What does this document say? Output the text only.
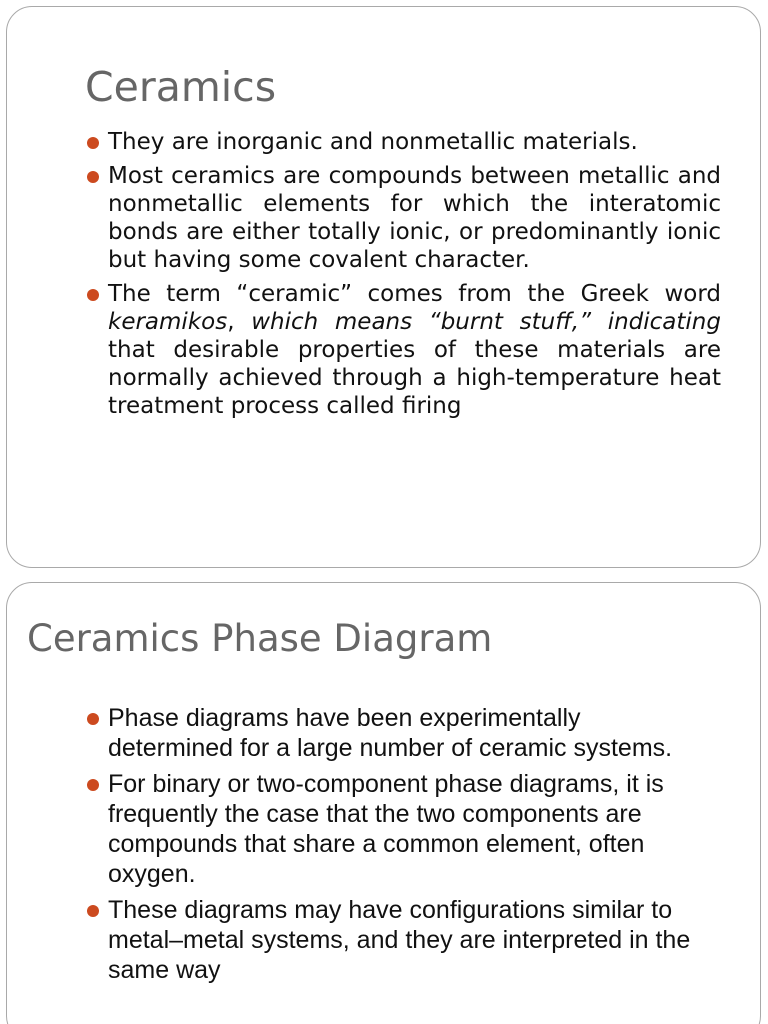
Ceramics
They are inorganic and nonmetallic materials.
Most ceramics are compounds between metallic and nonmetallic elements for which the interatomic bonds are either totally ionic, or predominantly ionic but having some covalent character.
The term “ceramic” comes from the Greek word keramikos, which means “burnt stuff,” indicating that desirable properties of these materials are normally achieved through a high-temperature heat treatment process called firing
Ceramics Phase Diagram
Phase diagrams have been experimentally determined for a large number of ceramic systems.
For binary or two-component phase diagrams, it is frequently the case that the two components are compounds that share a common element, often oxygen.
These diagrams may have configurations similar to metal–metal systems, and they are interpreted in the same way
